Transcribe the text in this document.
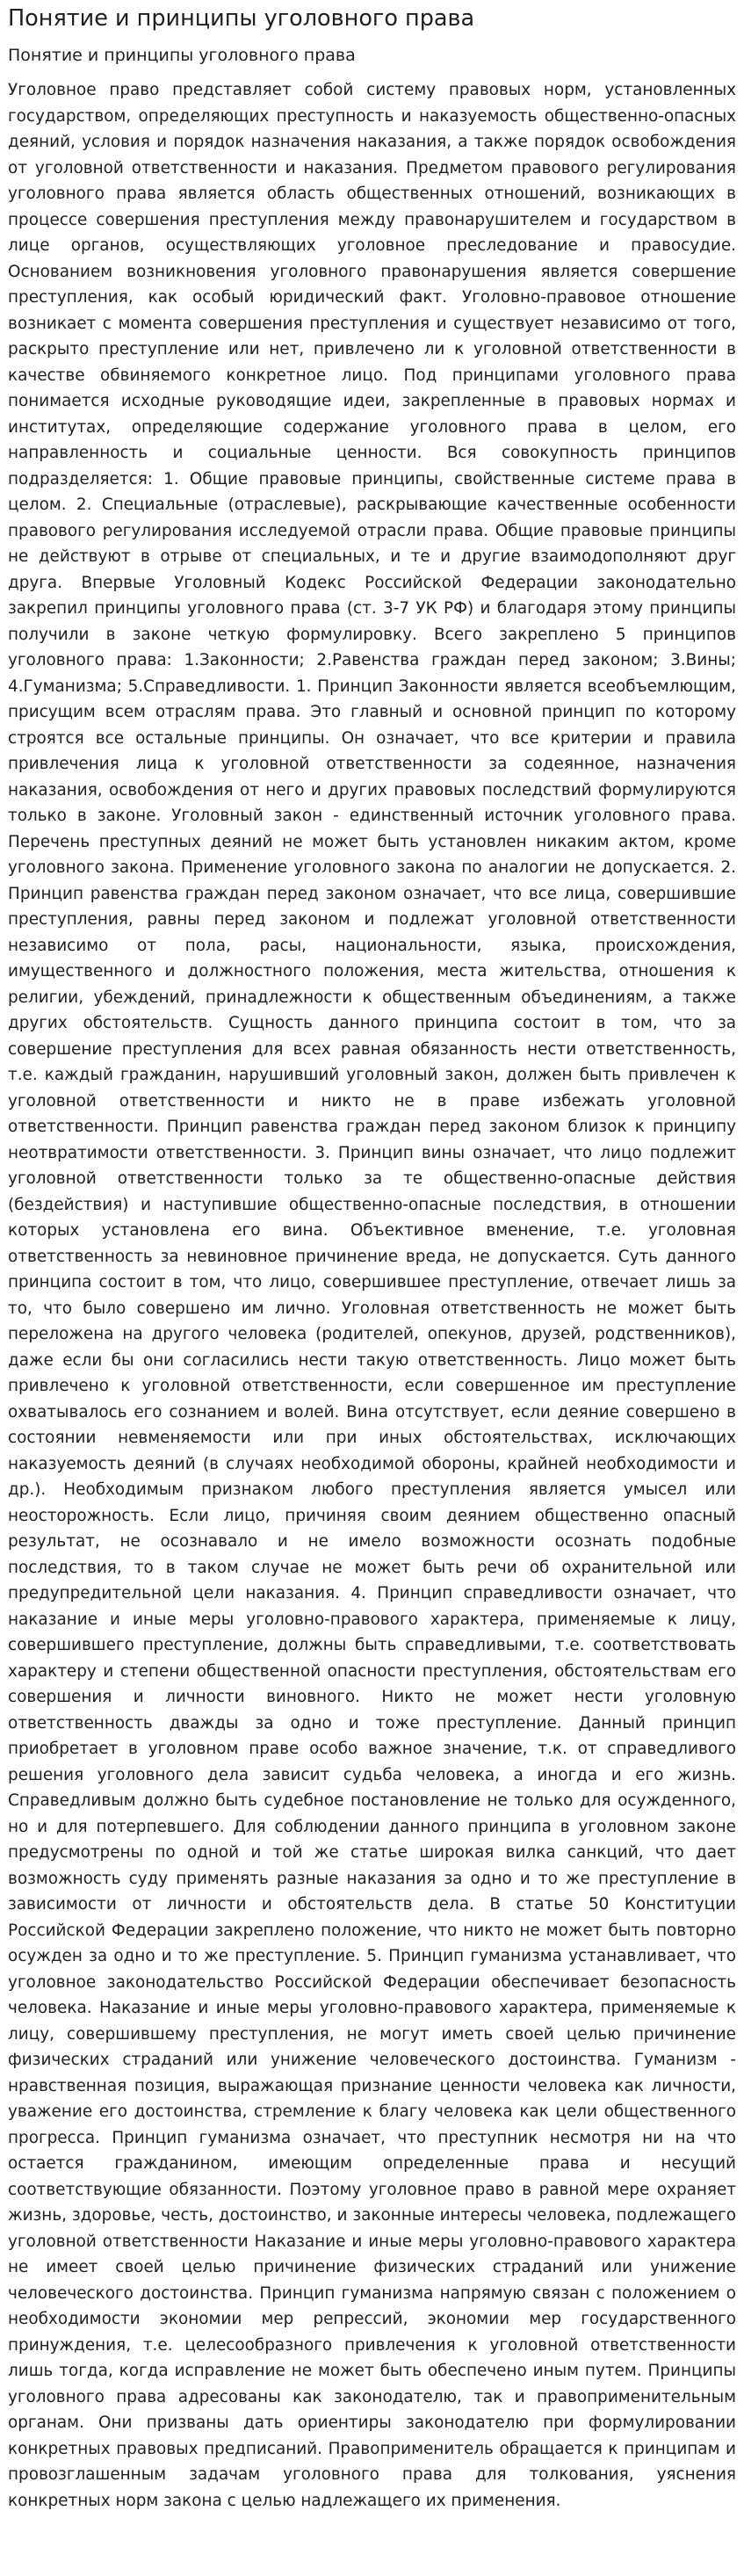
Понятие и принципы уголовного права
Понятие и принципы уголовного права

Уголовное право представляет собой систему правовых норм, установленных государством, определяющих преступность и наказуемость общественно-опасных деяний, условия и порядок назначения наказания, а также порядок освобождения от уголовной ответственности и наказания. Предметом правового регулирования уголовного права является область общественных отношений, возникающих в процессе совершения преступления между правонарушителем и государством в лице органов, осуществляющих уголовное преследование и правосудие. Основанием возникновения уголовного правонарушения является совершение преступления, как особый юридический факт. Уголовно-правовое отношение возникает с момента совершения преступления и существует независимо от того, раскрыто преступление или нет, привлечено ли к уголовной ответственности в качестве обвиняемого конкретное лицо. Под принципами уголовного права понимается исходные руководящие идеи, закрепленные в правовых нормах и институтах, определяющие содержание уголовного права в целом, его направленность и социальные ценности. Вся совокупность принципов подразделяется: 1. Общие правовые принципы, свойственные системе права в целом. 2. Специальные (отраслевые), раскрывающие качественные особенности правового регулирования исследуемой отрасли права. Общие правовые принципы не действуют в отрыве от специальных, и те и другие взаимодополняют друг друга. Впервые Уголовный Кодекс Российской Федерации законодательно закрепил принципы уголовного права (ст. 3-7 УК РФ) и благодаря этому принципы получили в законе четкую формулировку. Всего закреплено 5 принципов уголовного права: 1.Законности; 2.Равенства граждан перед законом; 3.Вины; 4.Гуманизма; 5.Справедливости. 1. Принцип Законности является всеобъемлющим, присущим всем отраслям права. Это главный и основной принцип по которому строятся все остальные принципы. Он означает, что все критерии и правила привлечения лица к уголовной ответственности за содеянное, назначения наказания, освобождения от него и других правовых последствий формулируются только в законе. Уголовный закон - единственный источник уголовного права. Перечень преступных деяний не может быть установлен никаким актом, кроме уголовного закона. Применение уголовного закона по аналогии не допускается. 2. Принцип равенства граждан перед законом означает, что все лица, совершившие преступления, равны перед законом и подлежат уголовной ответственности независимо от пола, расы, национальности, языка, происхождения, имущественного и должностного положения, места жительства, отношения к религии, убеждений, принадлежности к общественным объединениям, а также других обстоятельств. Сущность данного принципа состоит в том, что за совершение преступления для всех равная обязанность нести ответственность, т.е. каждый гражданин, нарушивший уголовный закон, должен быть привлечен к уголовной ответственности и никто не в праве избежать уголовной ответственности. Принцип равенства граждан перед законом близок к принципу неотвратимости ответственности. 3. Принцип вины означает, что лицо подлежит уголовной ответственности только за те общественно-опасные действия (бездействия) и наступившие общественно-опасные последствия, в отношении которых установлена его вина. Объективное вменение, т.е. уголовная ответственность за невиновное причинение вреда, не допускается. Суть данного принципа состоит в том, что лицо, совершившее преступление, отвечает лишь за то, что было совершено им лично. Уголовная ответственность не может быть переложена на другого человека (родителей, опекунов, друзей, родственников), даже если бы они согласились нести такую ответственность. Лицо может быть привлечено к уголовной ответственности, если совершенное им преступление охватывалось его сознанием и волей. Вина отсутствует, если деяние совершено в состоянии невменяемости или при иных обстоятельствах, исключающих наказуемость деяний (в случаях необходимой обороны, крайней необходимости и др.). Необходимым признаком любого преступления является умысел или неосторожность. Если лицо, причиняя своим деянием общественно опасный результат, не осознавало и не имело возможности осознать подобные последствия, то в таком случае не может быть речи об охранительной или предупредительной цели наказания. 4. Принцип справедливости означает, что наказание и иные меры уголовно-правового характера, применяемые к лицу, совершившего преступление, должны быть справедливыми, т.е. соответствовать характеру и степени общественной опасности преступления, обстоятельствам его совершения и личности виновного. Никто не может нести уголовную ответственность дважды за одно и тоже преступление. Данный принцип приобретает в уголовном праве особо важное значение, т.к. от справедливого решения уголовного дела зависит судьба человека, а иногда и его жизнь. Справедливым должно быть судебное постановление не только для осужденного, но и для потерпевшего. Для соблюдении данного принципа в уголовном законе предусмотрены по одной и той же статье широкая вилка санкций, что дает возможность суду применять разные наказания за одно и то же преступление в зависимости от личности и обстоятельств дела. В статье 50 Конституции Российской Федерации закреплено положение, что никто не может быть повторно осужден за одно и то же преступление. 5. Принцип гуманизма устанавливает, что уголовное законодательство Российской Федерации обеспечивает безопасность человека. Наказание и иные меры уголовно-правового характера, применяемые к лицу, совершившему преступления, не могут иметь своей целью причинение физических страданий или унижение человеческого достоинства. Гуманизм - нравственная позиция, выражающая признание ценности человека как личности, уважение его достоинства, стремление к благу человека как цели общественного прогресса. Принцип гуманизма означает, что преступник несмотря ни на что остается гражданином, имеющим определенные права и несущий соответствующие обязанности. Поэтому уголовное право в равной мере охраняет жизнь, здоровье, честь, достоинство, и законные интересы человека, подлежащего уголовной ответственности Наказание и иные меры уголовно-правового характера не имеет своей целью причинение физических страданий или унижение человеческого достоинства. Принцип гуманизма напрямую связан с положением о необходимости экономии мер репрессий, экономии мер государственного принуждения, т.е. целесообразного привлечения к уголовной ответственности лишь тогда, когда исправление не может быть обеспечено иным путем. Принципы уголовного права адресованы как законодателю, так и правоприменительным органам. Они призваны дать ориентиры законодателю при формулировании конкретных правовых предписаний. Правоприменитель обращается к принципам и провозглашенным задачам уголовного права для толкования, уяснения конкретных норм закона с целью надлежащего их применения.
